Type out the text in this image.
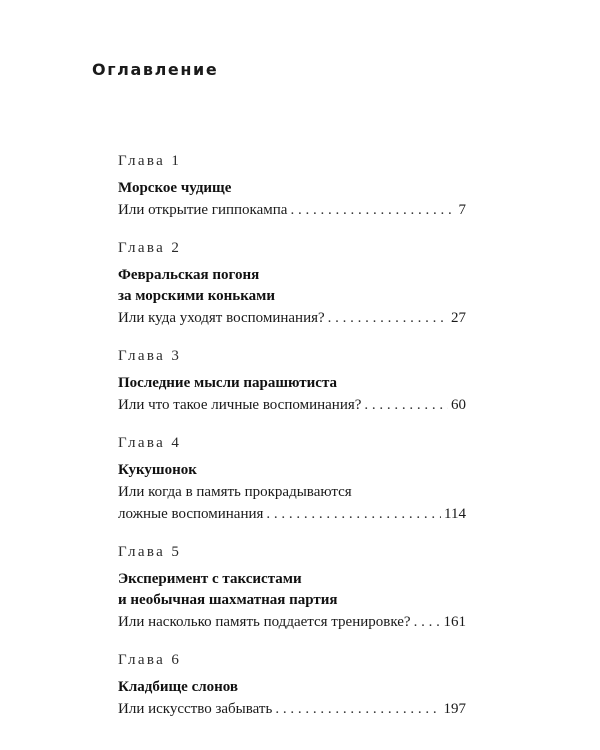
Оглавление
Глава 1
Морское чудище
Или открытие гиппокампа . . .	7
Глава 2
Февральская погоня
за морскими коньками
Или куда уходят воспоминания? . . .	27
Глава 3
Последние мысли парашютиста
Или что такое личные воспоминания? . . .	60
Глава 4
Кукушонок
Или когда в память прокрадываются
ложные воспоминания . . .	114
Глава 5
Эксперимент с таксистами
и необычная шахматная партия
Или насколько память поддается тренировке? . . . 161
Глава 6
Кладбище слонов
Или искусство забывать . . .	197
